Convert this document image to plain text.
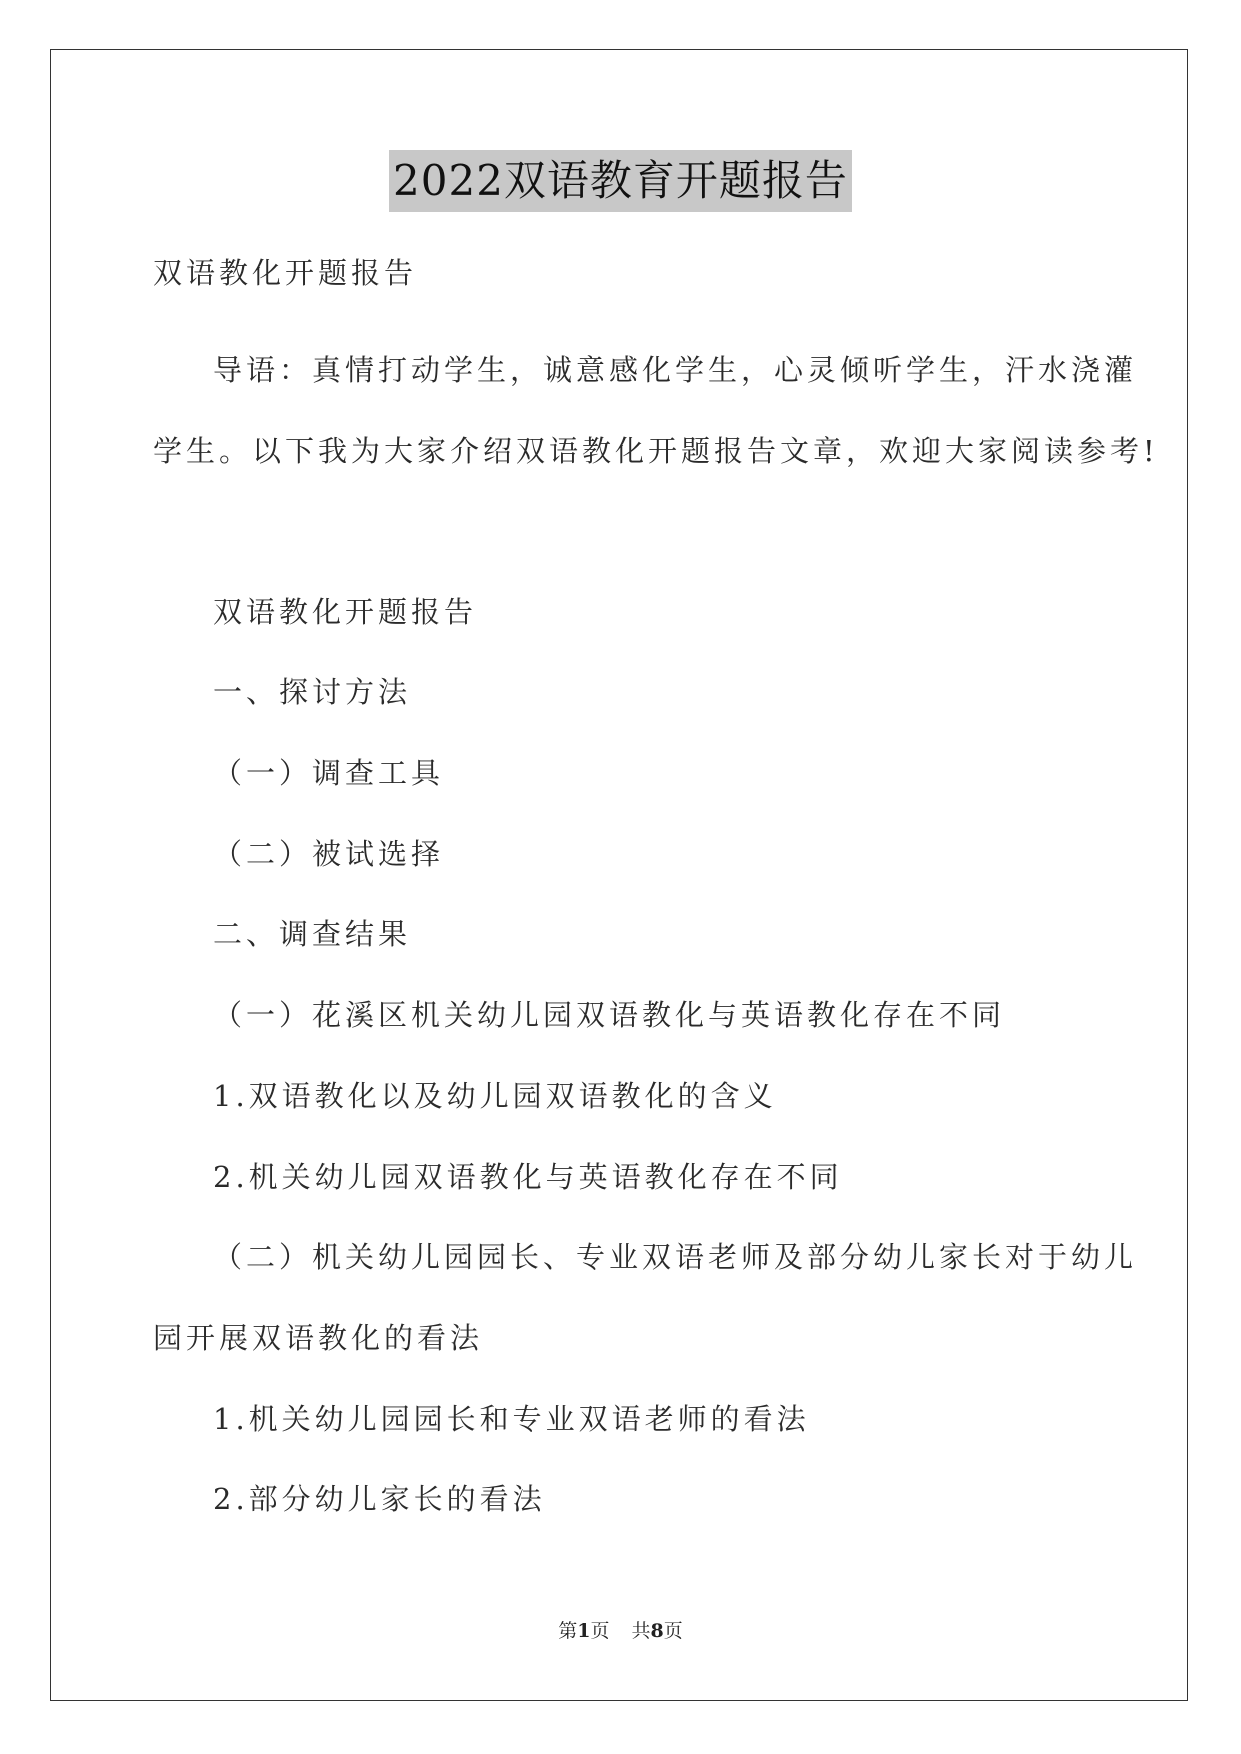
2022双语教育开题报告
双语教化开题报告
导语：真情打动学生，诚意感化学生，心灵倾听学生，汗水浇灌
学生。以下我为大家介绍双语教化开题报告文章，欢迎大家阅读参考!
双语教化开题报告
一、探讨方法
（一）调查工具
（二）被试选择
二、调查结果
（一）花溪区机关幼儿园双语教化与英语教化存在不同
1.双语教化以及幼儿园双语教化的含义
2.机关幼儿园双语教化与英语教化存在不同
（二）机关幼儿园园长、专业双语老师及部分幼儿家长对于幼儿
园开展双语教化的看法
1.机关幼儿园园长和专业双语老师的看法
2.部分幼儿家长的看法
第1页 共8页
